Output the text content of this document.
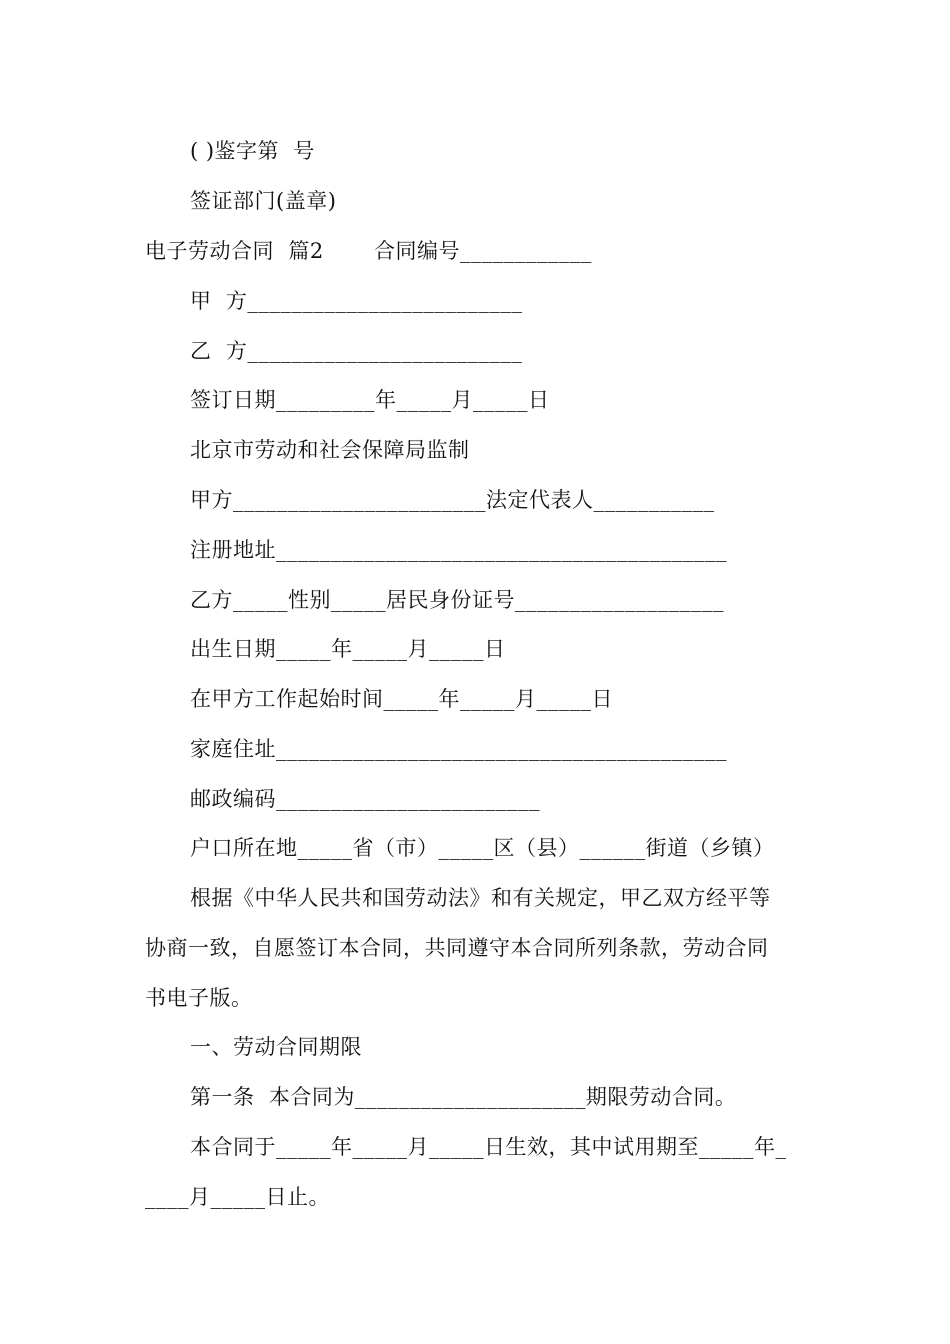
( )鉴字第  号
签证部门(盖章)
电子劳动合同  篇2       合同编号____________
甲  方_________________________
乙  方_________________________
签订日期_________年_____月_____日
北京市劳动和社会保障局监制
甲方_______________________法定代表人___________
注册地址_________________________________________
乙方_____性别_____居民身份证号___________________
出生日期_____年_____月_____日
在甲方工作起始时间_____年_____月_____日
家庭住址_________________________________________
邮政编码________________________
户口所在地_____省（市）_____区（县）______街道（乡镇）
根据《中华人民共和国劳动法》和有关规定，甲乙双方经平等
协商一致，自愿签订本合同，共同遵守本合同所列条款，劳动合同
书电子版。
一、劳动合同期限
第一条  本合同为_____________________期限劳动合同。
本合同于_____年_____月_____日生效，其中试用期至_____年_
____月_____日止。
